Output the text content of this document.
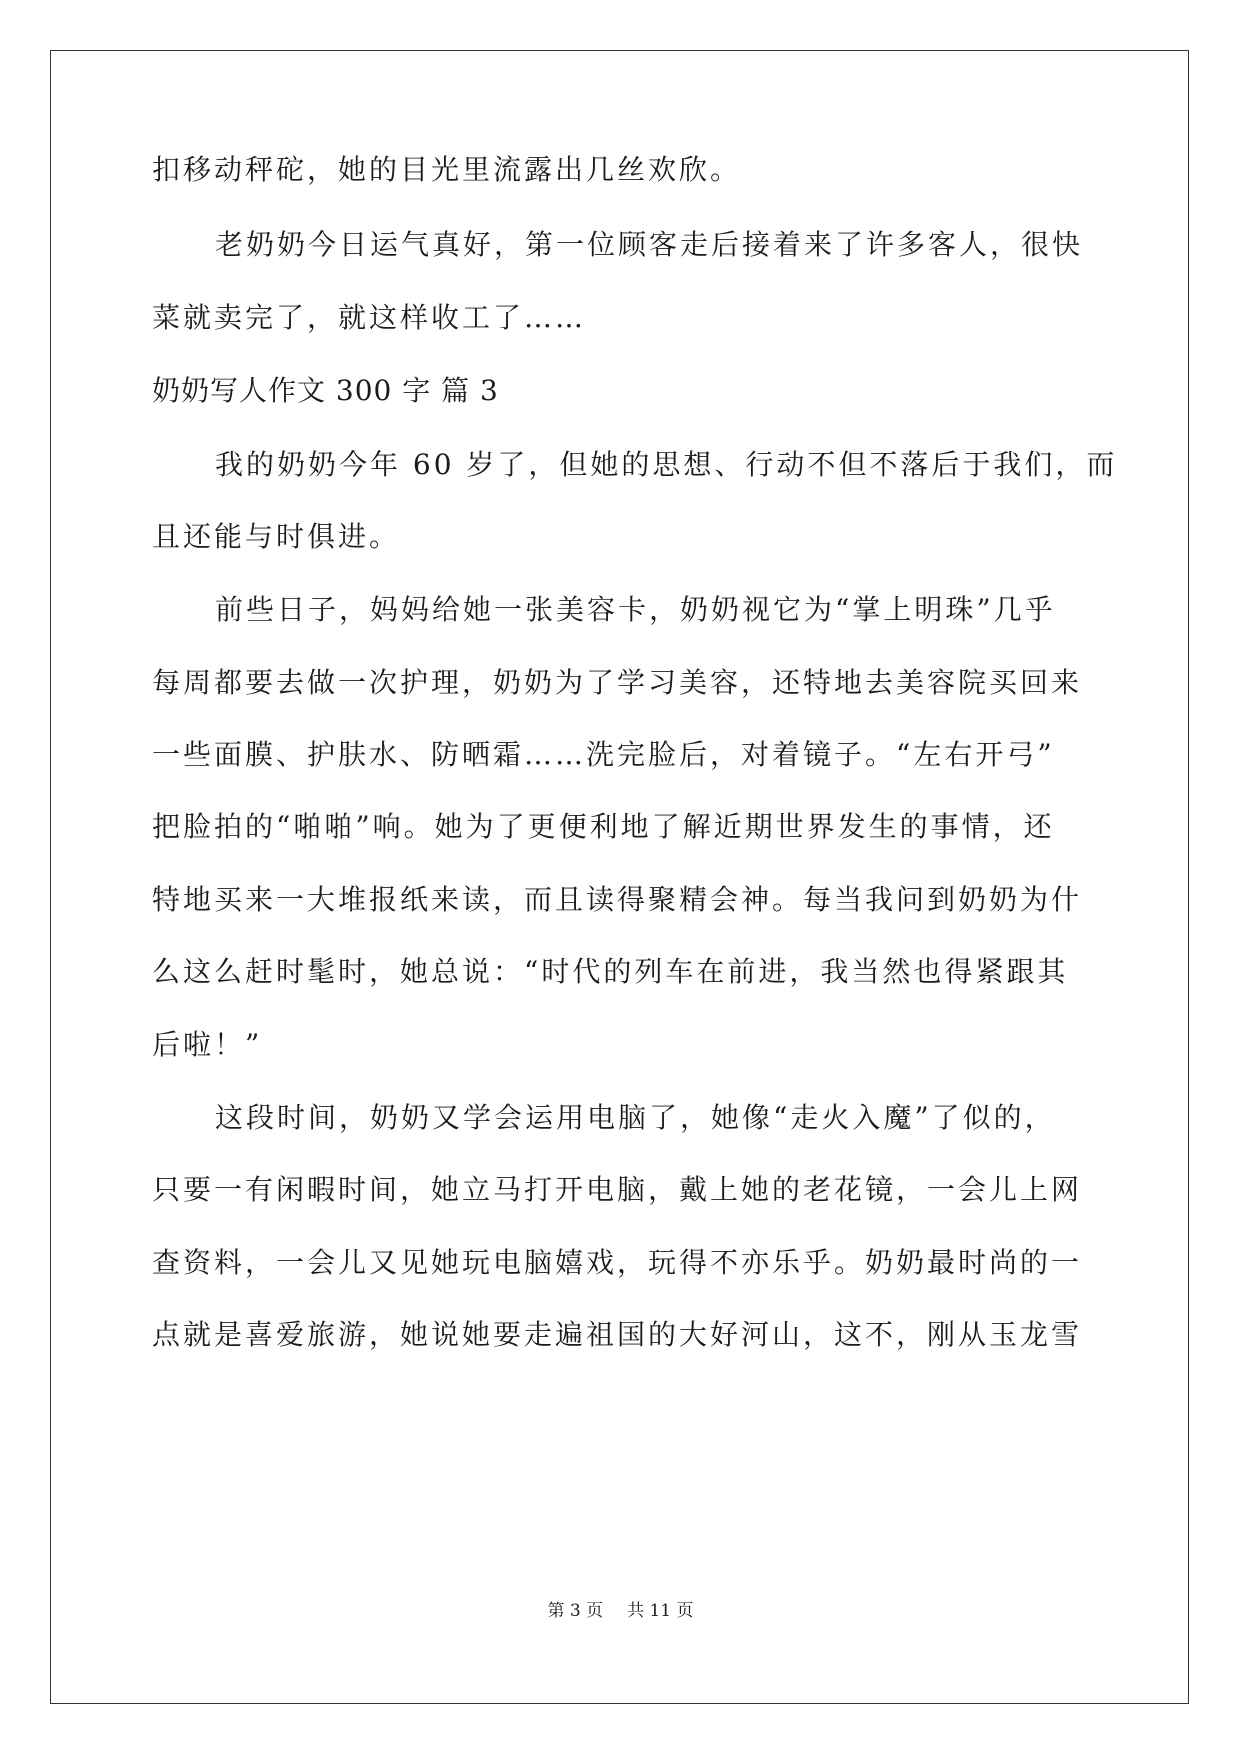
扣移动秤砣，她的目光里流露出几丝欢欣。
老奶奶今日运气真好，第一位顾客走后接着来了许多客人，很快
菜就卖完了，就这样收工了……
奶奶写人作文 300 字 篇 3
我的奶奶今年 60 岁了，但她的思想、行动不但不落后于我们，而
且还能与时俱进。
前些日子，妈妈给她一张美容卡，奶奶视它为“掌上明珠”几乎
每周都要去做一次护理，奶奶为了学习美容，还特地去美容院买回来
一些面膜、护肤水、防晒霜……洗完脸后，对着镜子。“左右开弓”
把脸拍的“啪啪”响。她为了更便利地了解近期世界发生的事情，还
特地买来一大堆报纸来读，而且读得聚精会神。每当我问到奶奶为什
么这么赶时髦时，她总说：“时代的列车在前进，我当然也得紧跟其
后啦！”
这段时间，奶奶又学会运用电脑了，她像“走火入魔”了似的，
只要一有闲暇时间，她立马打开电脑，戴上她的老花镜，一会儿上网
查资料，一会儿又见她玩电脑嬉戏，玩得不亦乐乎。奶奶最时尚的一
点就是喜爱旅游，她说她要走遍祖国的大好河山，这不，刚从玉龙雪
第 3 页 共 11 页
